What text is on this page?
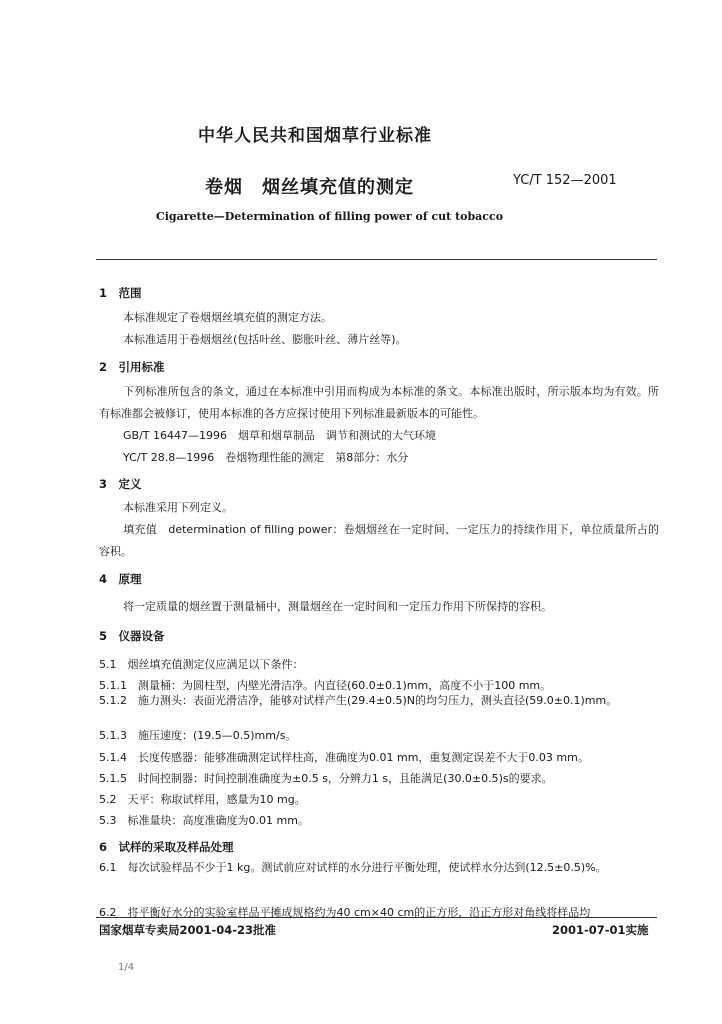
中华人民共和国烟草行业标准
卷烟　烟丝填充值的测定	YC/T 152—2001
Cigarette—Determination of filling power of cut tobacco
1　范围
本标准规定了卷烟烟丝填充值的测定方法。
本标准适用于卷烟烟丝(包括叶丝、膨胀叶丝、薄片丝等)。
2　引用标准
下列标准所包含的条文，通过在本标准中引用而构成为本标准的条文。本标准出版时，所示版本均为有效。所有标准都会被修订，使用本标准的各方应探讨使用下列标准最新版本的可能性。
GB/T 16447—1996　烟草和烟草制品　调节和测试的大气环境
YC/T 28.8—1996　卷烟物理性能的测定　第8部分：水分
3　定义
本标准采用下列定义。
填充值　determination of filling power：卷烟烟丝在一定时间、一定压力的持续作用下，单位质量所占的容积。
4　原理
将一定质量的烟丝置于测量桶中，测量烟丝在一定时间和一定压力作用下所保持的容积。
5　仪器设备
5.1　烟丝填充值测定仪应满足以下条件：
5.1.1　测量桶：为圆柱型，内壁光滑洁净。内直径(60.0±0.1)mm，高度不小于100 mm。
5.1.2　施力测头：表面光滑洁净，能够对试样产生(29.4±0.5)N的均匀压力，测头直径(59.0±0.1)mm。
5.1.3　施压速度：(19.5—0.5)mm/s。
5.1.4　长度传感器：能够准确测定试样柱高，准确度为0.01 mm，重复测定误差不大于0.03 mm。
5.1.5　时间控制器：时间控制准确度为±0.5 s，分辨力1 s，且能满足(30.0±0.5)s的要求。
5.2　天平：称取试样用，感量为10 mg。
5.3　标准量块：高度准确度为0.01 mm。
6　试样的采取及样品处理
6.1　每次试验样品不少于1 kg。测试前应对试样的水分进行平衡处理，使试样水分达到(12.5±0.5)%。
6.2　将平衡好水分的实验室样品平摊成规格约为40 cm×40 cm的正方形，沿正方形对角线将样品均
国家烟草专卖局2001-04-23批准	2001-07-01实施
1/4
